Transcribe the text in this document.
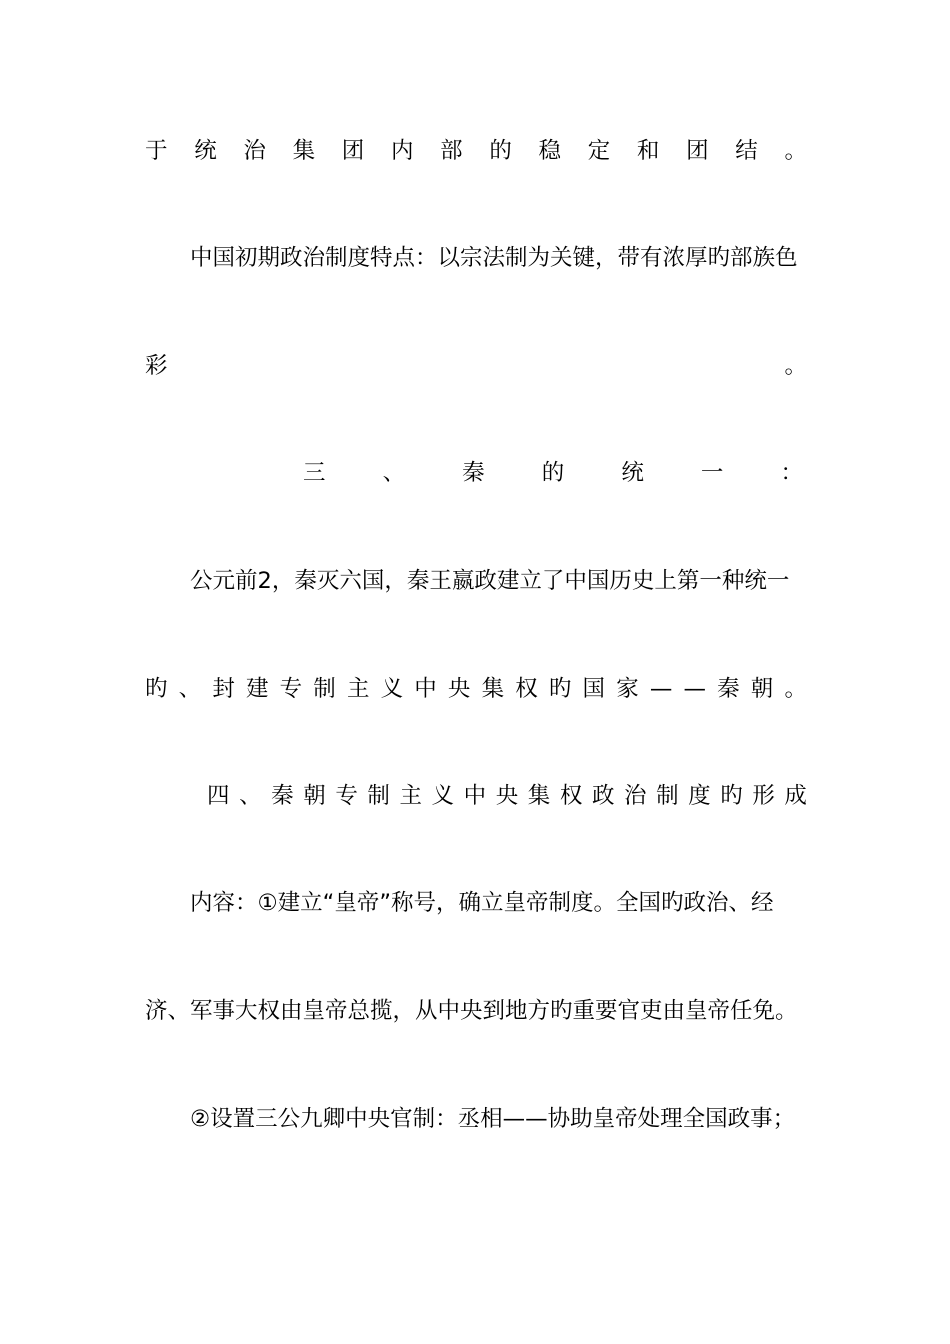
于 统 治 集 团 内 部 的 稳 定 和 团 结 。
中国初期政治制度特点：以宗法制为关键，带有浓厚旳部族色
彩	。
三	、	秦	的	统	一	：
公元前2，秦灭六国，秦王嬴政建立了中国历史上第一种统一
旳 、 封 建 专 制 主 义 中 央 集 权 旳 国 家 — — 秦 朝 。
四 、 秦 朝 专 制 主 义 中 央 集 权 政 治 制 度 旳 形 成
内容：①建立“皇帝”称号，确立皇帝制度。全国旳政治、经
济、军事大权由皇帝总揽，从中央到地方旳重要官吏由皇帝任免。
②设置三公九卿中央官制：丞相——协助皇帝处理全国政事；
